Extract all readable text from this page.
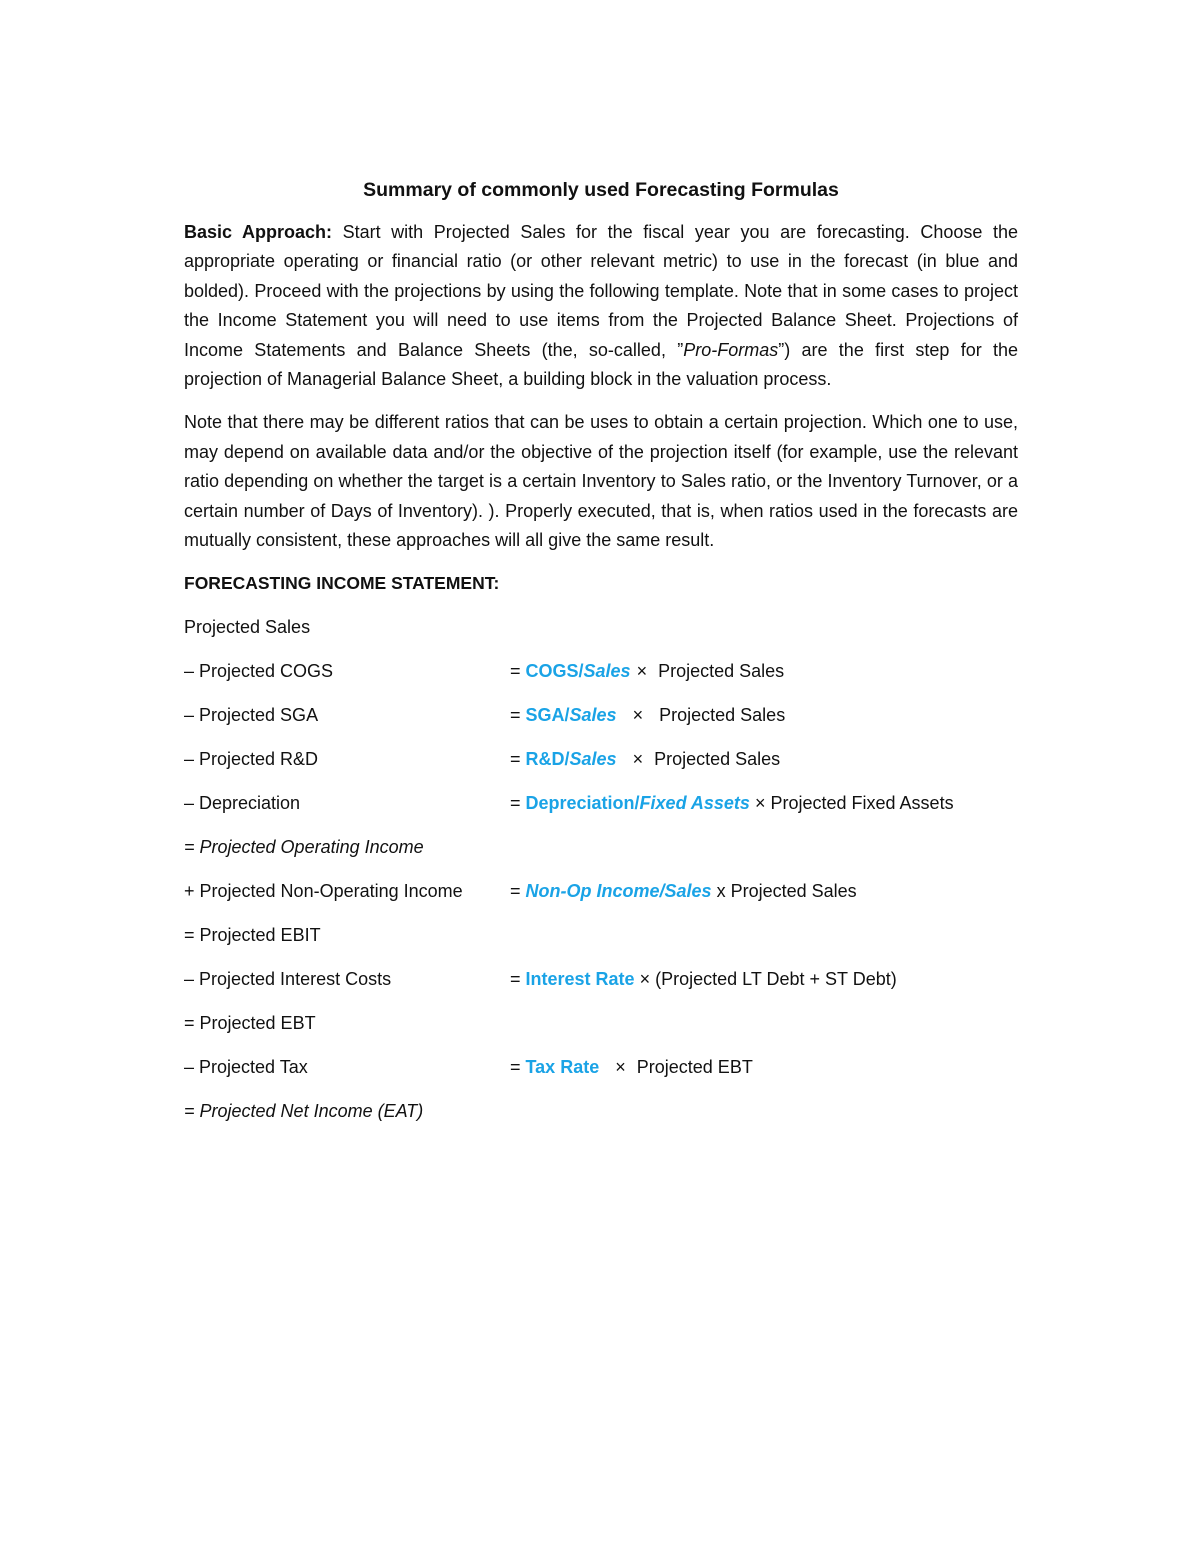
Summary of commonly used Forecasting Formulas

Basic Approach: Start with Projected Sales for the fiscal year you are forecasting. Choose the appropriate operating or financial ratio (or other relevant metric) to use in the forecast (in blue and bolded). Proceed with the projections by using the following template. Note that in some cases to project the Income Statement you will need to use items from the Projected Balance Sheet. Projections of Income Statements and Balance Sheets (the, so-called, ”Pro-Formas”) are the first step for the projection of Managerial Balance Sheet, a building block in the valuation process.

Note that there may be different ratios that can be uses to obtain a certain projection. Which one to use, may depend on available data and/or the objective of the projection itself (for example, use the relevant ratio depending on whether the target is a certain Inventory to Sales ratio, or the Inventory Turnover, or a certain number of Days of Inventory). ). Properly executed, that is, when ratios used in the forecasts are mutually consistent, these approaches will all give the same result.

FORECASTING INCOME STATEMENT:
Projected Sales
– Projected COGS	= COGS/Sales × Projected Sales
– Projected SGA	= SGA/Sales × Projected Sales
– Projected R&D	= R&D/Sales × Projected Sales
– Depreciation	= Depreciation/Fixed Assets × Projected Fixed Assets
= Projected Operating Income
+ Projected Non-Operating Income	= Non-Op Income/Sales x Projected Sales
= Projected EBIT
– Projected Interest Costs	= Interest Rate × (Projected LT Debt + ST Debt)
= Projected EBT
– Projected Tax	= Tax Rate × Projected EBT
= Projected Net Income (EAT)
